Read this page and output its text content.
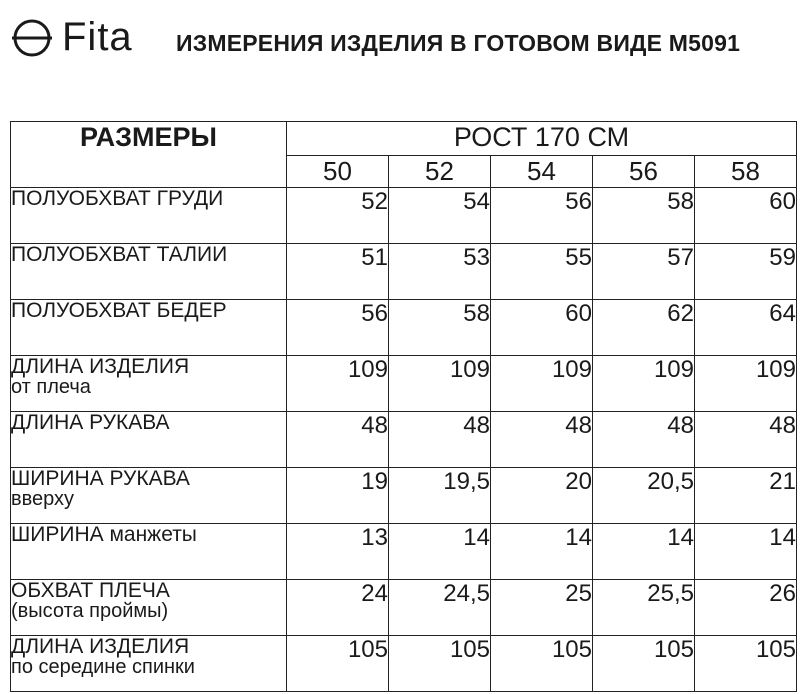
Fita ИЗМЕРЕНИЯ ИЗДЕЛИЯ В ГОТОВОМ ВИДЕ М5091
РАЗМЕРЫ	РОСТ 170 СМ				
	50	52	54	56	58
ПОЛУОБХВАТ ГРУДИ	52	54	56	58	60
ПОЛУОБХВАТ ТАЛИИ	51	53	55	57	59
ПОЛУОБХВАТ БЕДЕР	56	58	60	62	64
ДЛИНА ИЗДЕЛИЯ
от плеча	109	109	109	109	109
ДЛИНА РУКАВА	48	48	48	48	48
ШИРИНА РУКАВА
вверху	19	19,5	20	20,5	21
ШИРИНА манжеты	13	14	14	14	14
ОБХВАТ ПЛЕЧА
(высота проймы)	24	24,5	25	25,5	26
ДЛИНА ИЗДЕЛИЯ
по середине спинки	105	105	105	105	105
